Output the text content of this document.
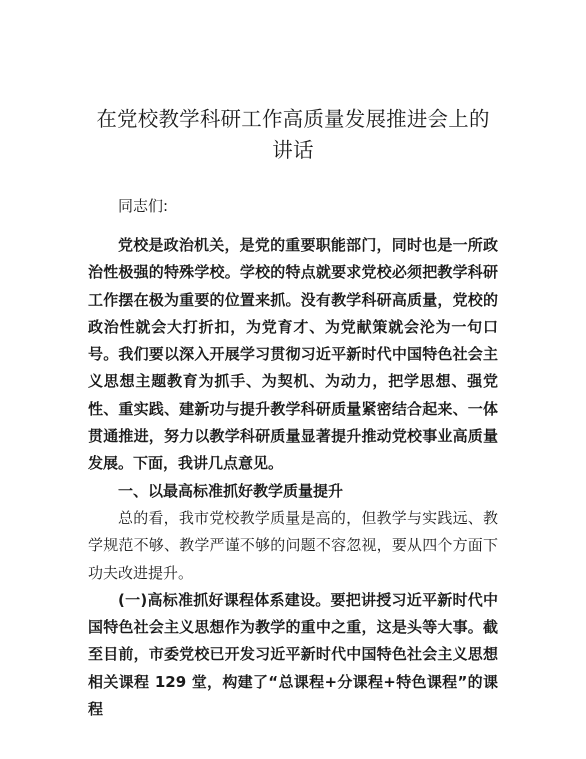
在党校教学科研工作高质量发展推进会上的讲话

同志们:

党校是政治机关，是党的重要职能部门，同时也是一所政治性极强的特殊学校。学校的特点就要求党校必须把教学科研工作摆在极为重要的位置来抓。没有教学科研高质量，党校的政治性就会大打折扣，为党育才、为党献策就会沦为一句口号。我们要以深入开展学习贯彻习近平新时代中国特色社会主义思想主题教育为抓手、为契机、为动力，把学思想、强党性、重实践、建新功与提升教学科研质量紧密结合起来、一体贯通推进，努力以教学科研质量显著提升推动党校事业高质量发展。下面，我讲几点意见。

一、以最高标准抓好教学质量提升

总的看，我市党校教学质量是高的，但教学与实践远、教学规范不够、教学严谨不够的问题不容忽视，要从四个方面下功夫改进提升。

(一)高标准抓好课程体系建设。要把讲授习近平新时代中国特色社会主义思想作为教学的重中之重，这是头等大事。截至目前，市委党校已开发习近平新时代中国特色社会主义思想相关课程 129 堂，构建了“总课程+分课程+特色课程”的课程
